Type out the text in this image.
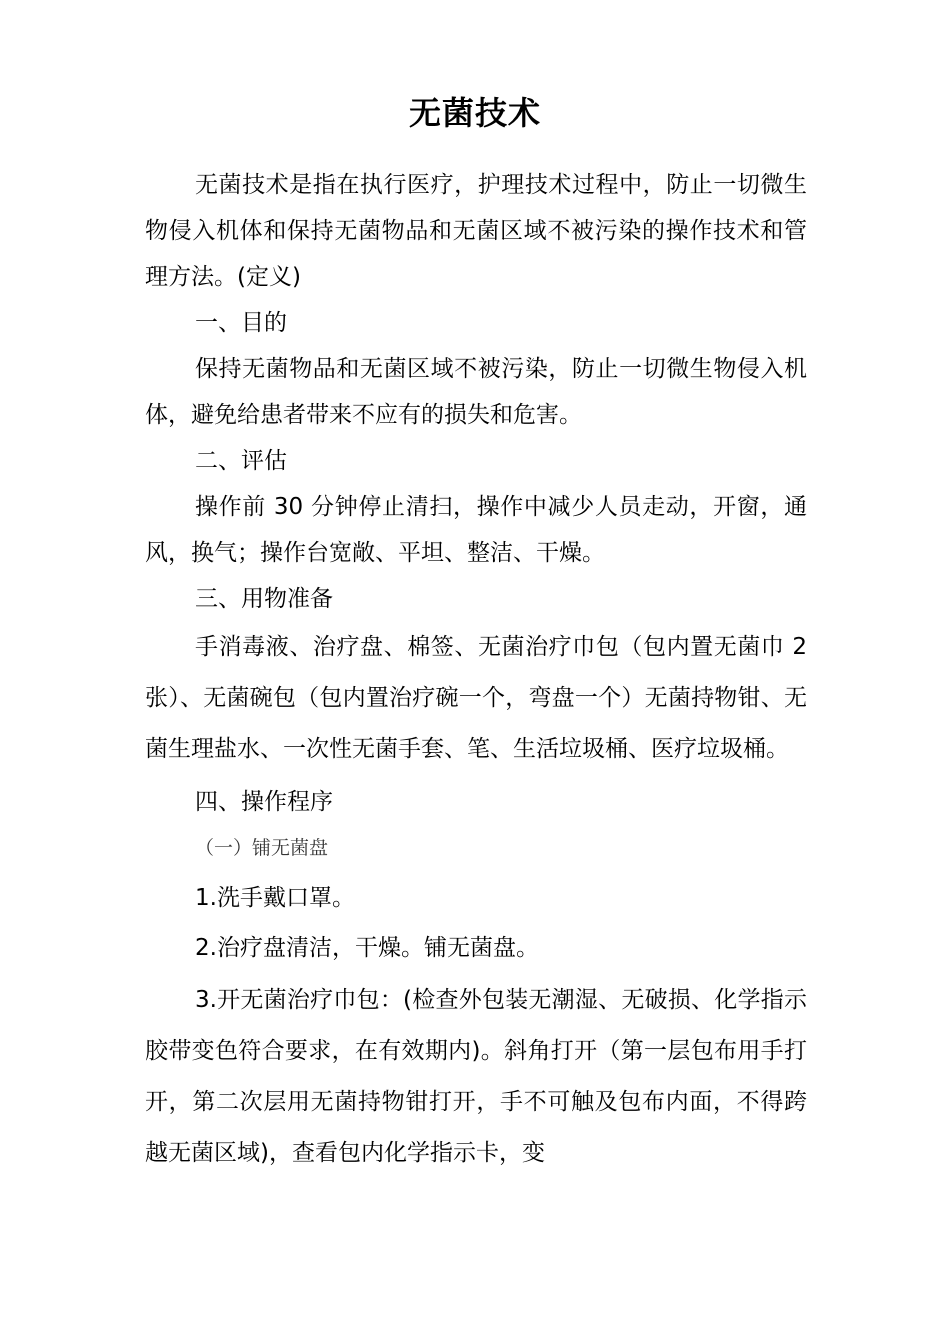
无菌技术

无菌技术是指在执行医疗，护理技术过程中，防止一切微生物侵入机体和保持无菌物品和无菌区域不被污染的操作技术和管理方法。(定义)

一、目的

保持无菌物品和无菌区域不被污染，防止一切微生物侵入机体，避免给患者带来不应有的损失和危害。

二、评估

操作前 30 分钟停止清扫，操作中减少人员走动，开窗，通风，换气；操作台宽敞、平坦、整洁、干燥。

三、用物准备

手消毒液、治疗盘、棉签、无菌治疗巾包（包内置无菌巾 2 张）、无菌碗包（包内置治疗碗一个，弯盘一个）无菌持物钳、无菌生理盐水、一次性无菌手套、笔、生活垃圾桶、医疗垃圾桶。

四、操作程序

（一）铺无菌盘

1.洗手戴口罩。

2.治疗盘清洁，干燥。铺无菌盘。

3.开无菌治疗巾包：(检查外包装无潮湿、无破损、化学指示胶带变色符合要求，在有效期内)。斜角打开（第一层包布用手打开，第二次层用无菌持物钳打开，手不可触及包布内面，不得跨越无菌区域)，查看包内化学指示卡，变
